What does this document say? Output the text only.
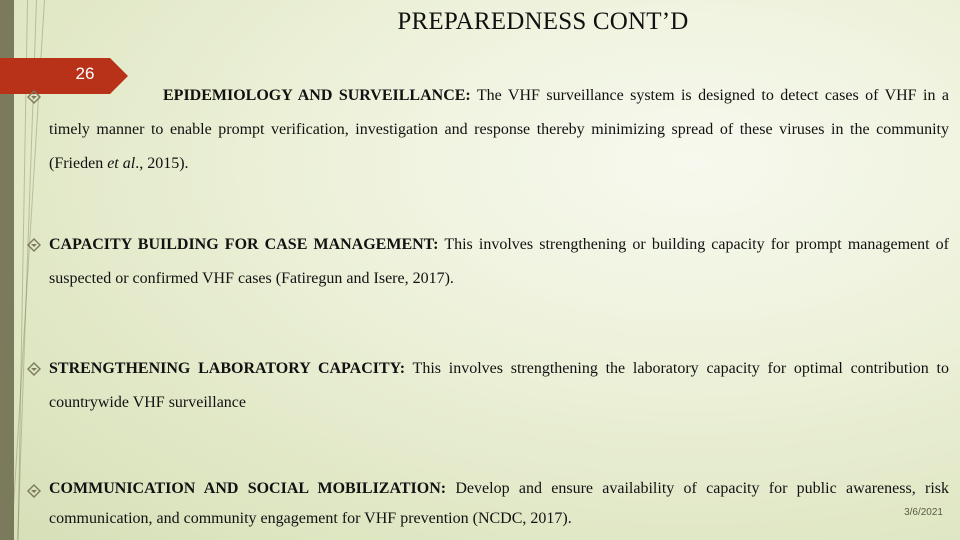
PREPAREDNESS CONT’D
26
EPIDEMIOLOGY AND SURVEILLANCE: The VHF surveillance system is designed to detect cases of VHF in a timely manner to enable prompt verification, investigation and response thereby minimizing spread of these viruses in the community (Frieden et al., 2015).
CAPACITY BUILDING FOR CASE MANAGEMENT: This involves strengthening or building capacity for prompt management of suspected or confirmed VHF cases (Fatiregun and Isere, 2017).
STRENGTHENING LABORATORY CAPACITY: This involves strengthening the laboratory capacity for optimal contribution to countrywide VHF surveillance
COMMUNICATION AND SOCIAL MOBILIZATION: Develop and ensure availability of capacity for public awareness, risk communication, and community engagement for VHF prevention (NCDC, 2017).	3/6/2021
